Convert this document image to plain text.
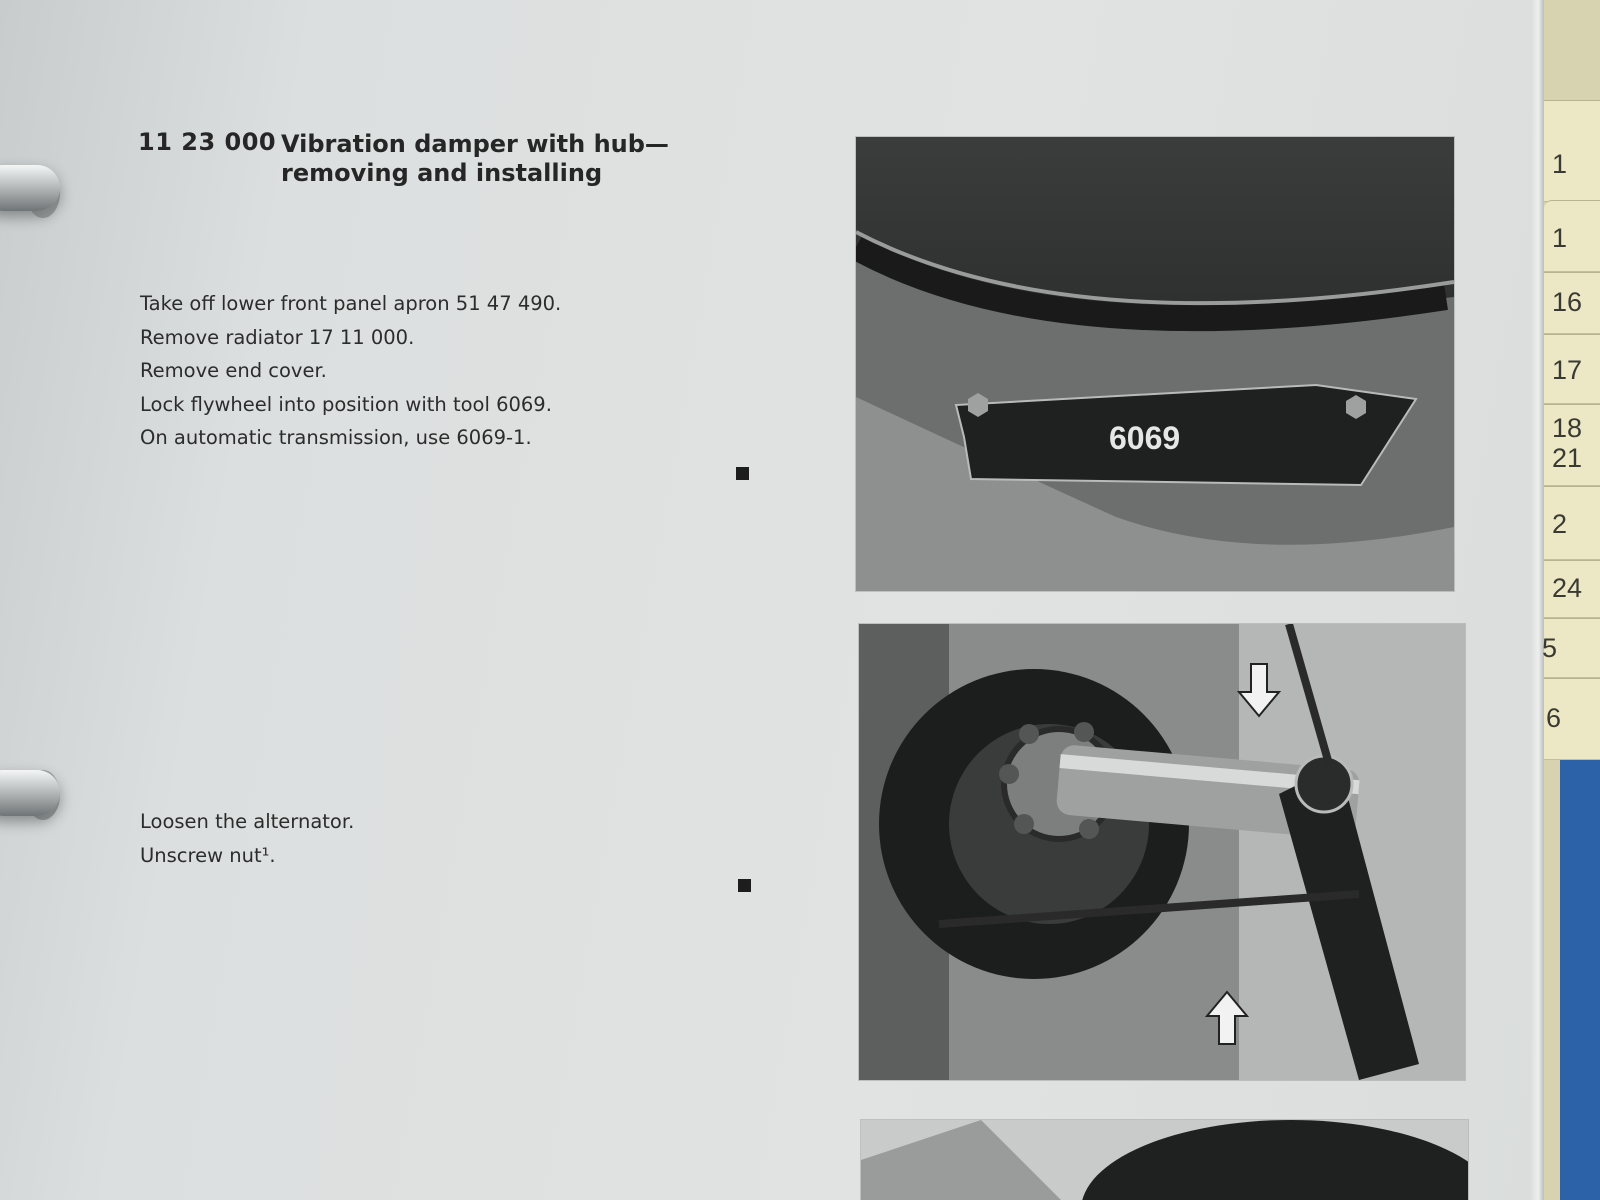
11 23 000 Vibration damper with hub—
removing and installing
Take off lower front panel apron 51 47 490.
Remove radiator 17 11 000.
Remove end cover.
Lock flywheel into position with tool 6069.
On automatic transmission, use 6069-1.
Loosen the alternator.
Unscrew nut¹.
6069
1
1
16
17
18
21
2
24
5
6
